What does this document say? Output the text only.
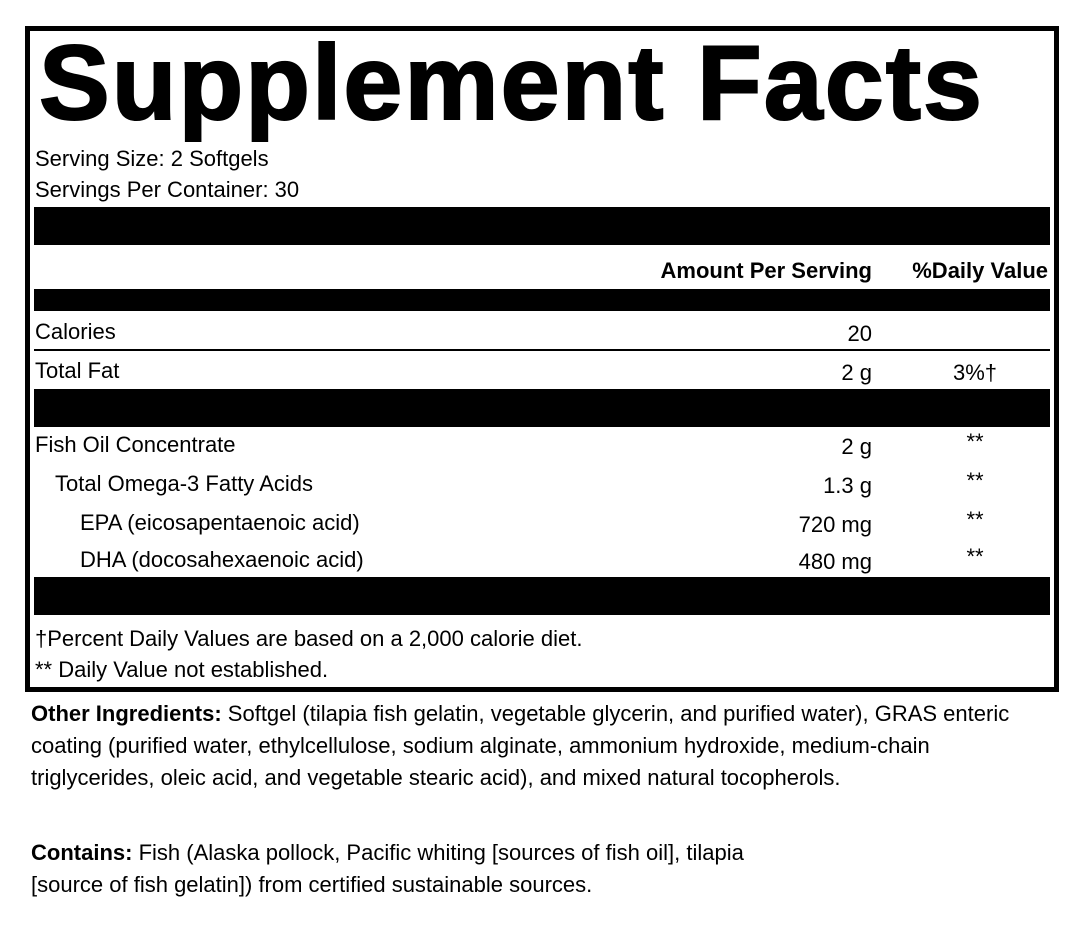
Supplement Facts
Serving Size: 2 Softgels
Servings Per Container: 30
Amount Per Serving %Daily Value
Calories	20
Total Fat	2 g	3%†
Fish Oil Concentrate	2 g	**
Total Omega-3 Fatty Acids	1.3 g	**
EPA (eicosapentaenoic acid)	720 mg	**
DHA (docosahexaenoic acid)	480 mg	**
†Percent Daily Values are based on a 2,000 calorie diet.
** Daily Value not established.
Other Ingredients: Softgel (tilapia fish gelatin, vegetable glycerin, and purified water), GRAS enteric coating (purified water, ethylcellulose, sodium alginate, ammonium hydroxide, medium-chain triglycerides, oleic acid, and vegetable stearic acid), and mixed natural tocopherols.
Contains: Fish (Alaska pollock, Pacific whiting [sources of fish oil], tilapia
[source of fish gelatin]) from certified sustainable sources.
